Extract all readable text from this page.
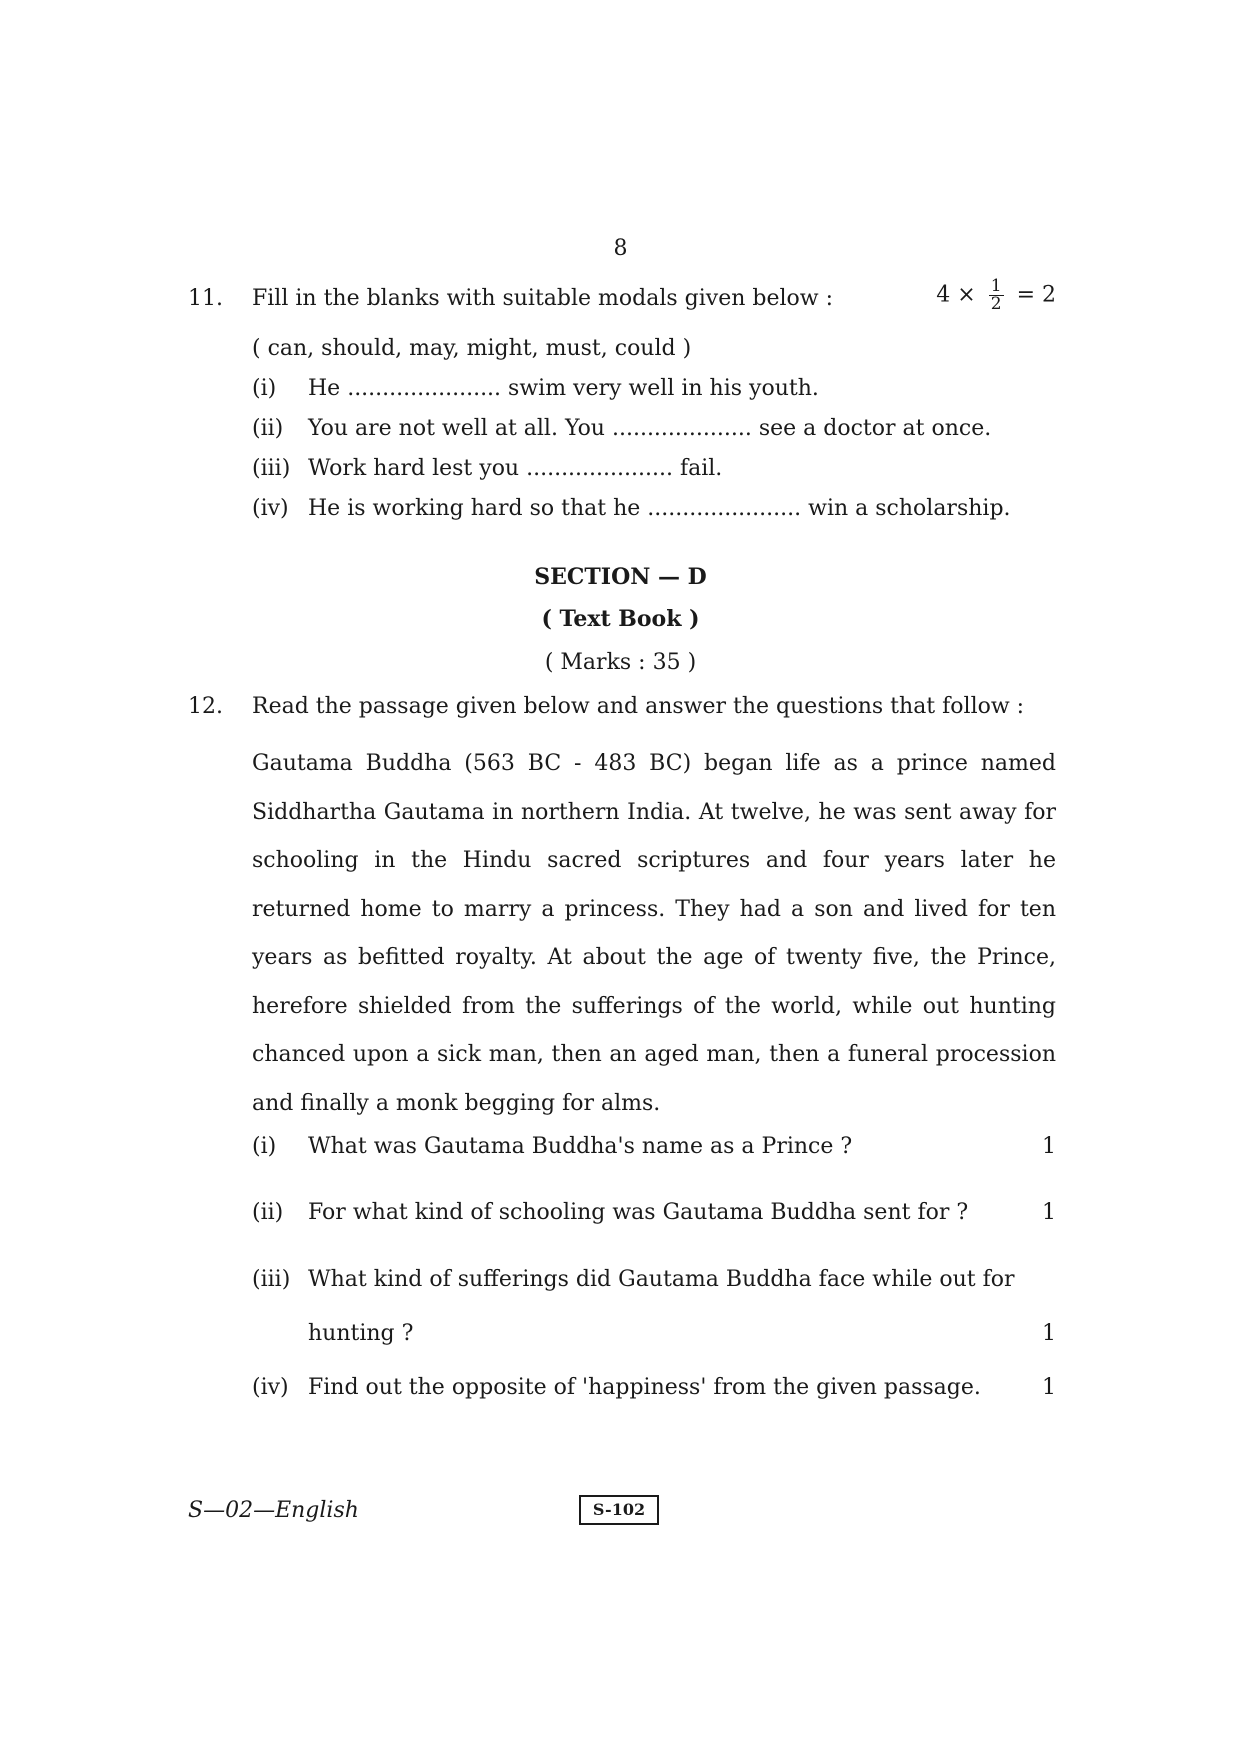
8
11. Fill in the blanks with suitable modals given below :	$4 \times \frac{1}{2} = 2$
( can, should, may, might, must, could )
(i) He ...................... swim very well in his youth.
(ii) You are not well at all. You .................... see a doctor at once.
(iii) Work hard lest you ..................... fail.
(iv) He is working hard so that he ...................... win a scholarship.
SECTION — D
( Text Book )
( Marks : 35 )
12. Read the passage given below and answer the questions that follow :
Gautama Buddha (563 BC - 483 BC) began life as a prince named Siddhartha Gautama in northern India. At twelve, he was sent away for schooling in the Hindu sacred scriptures and four years later he returned home to marry a princess. They had a son and lived for ten years as befitted royalty. At about the age of twenty five, the Prince, herefore shielded from the sufferings of the world, while out hunting chanced upon a sick man, then an aged man, then a funeral procession and finally a monk begging for alms.
(i) What was Gautama Buddha's name as a Prince ?	1
(ii) For what kind of schooling was Gautama Buddha sent for ?	1
(iii) What kind of sufferings did Gautama Buddha face while out for
hunting ?	1
(iv) Find out the opposite of 'happiness' from the given passage.	1
S—02—English	S-102
